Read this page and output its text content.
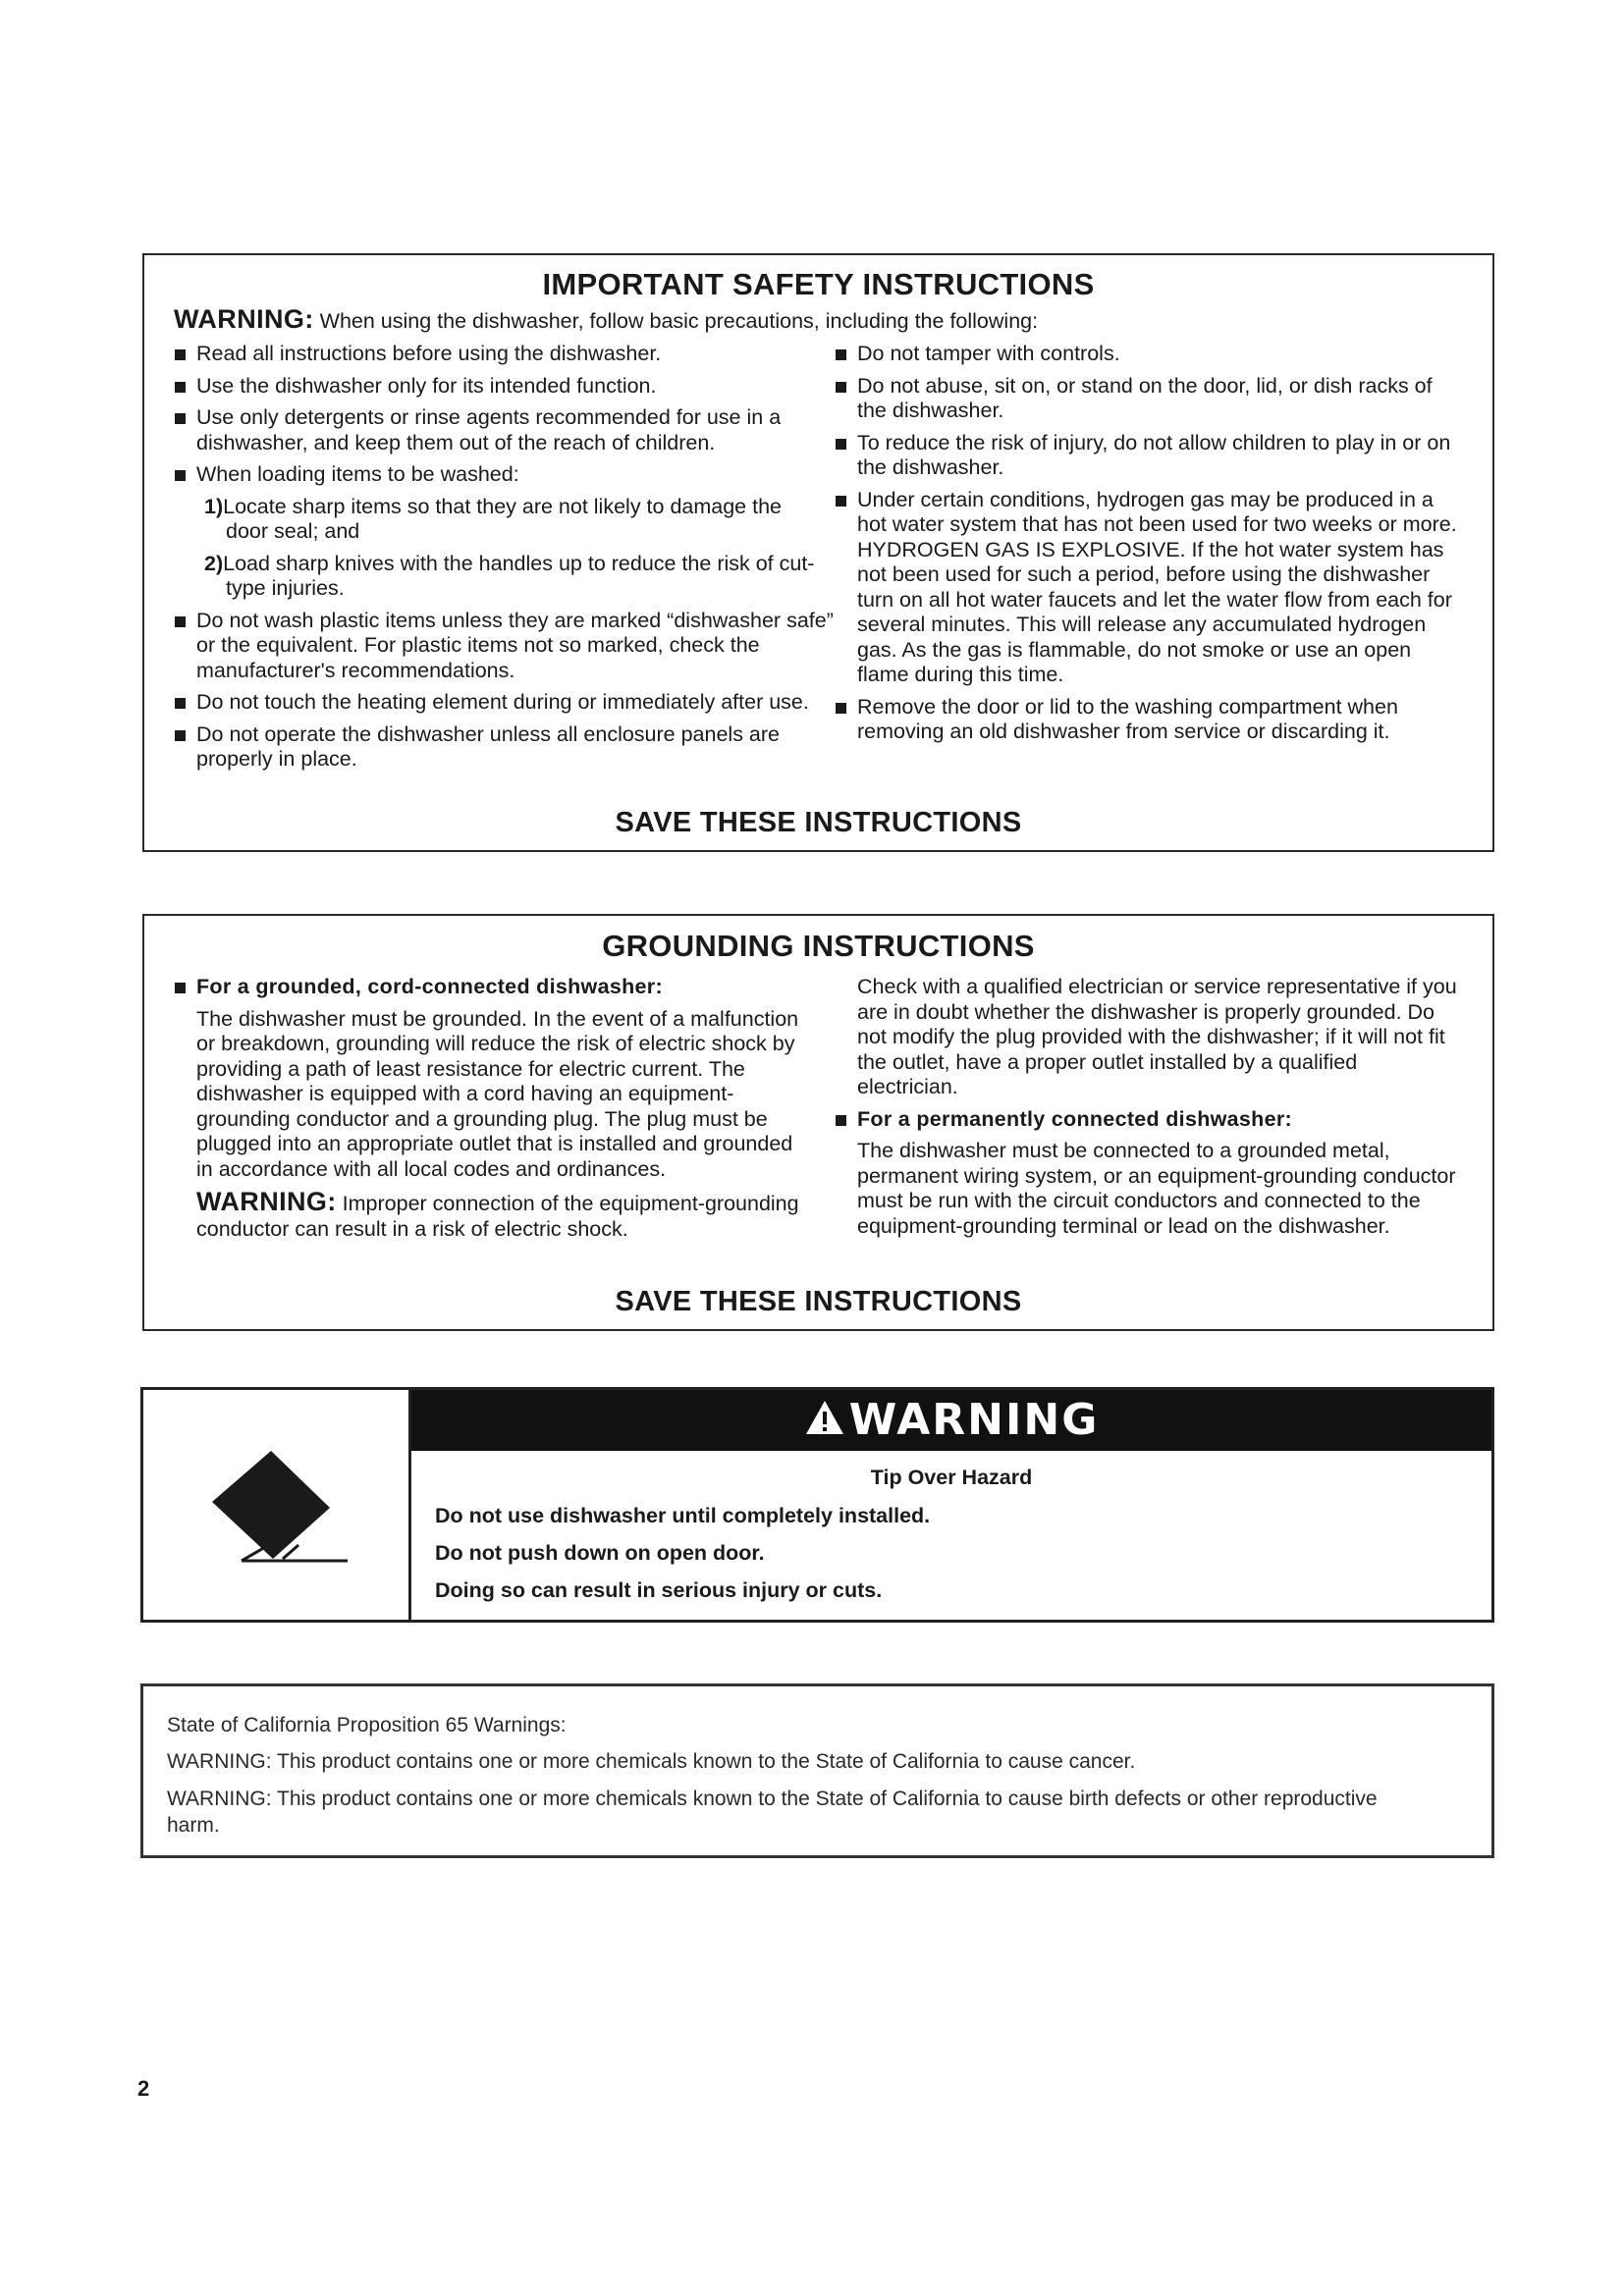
IMPORTANT SAFETY INSTRUCTIONS
WARNING: When using the dishwasher, follow basic precautions, including the following:
Read all instructions before using the dishwasher.
Use the dishwasher only for its intended function.
Use only detergents or rinse agents recommended for use in a dishwasher, and keep them out of the reach of children.
When loading items to be washed:
1)Locate sharp items so that they are not likely to damage the door seal; and
2)Load sharp knives with the handles up to reduce the risk of cut-type injuries.
Do not wash plastic items unless they are marked “dishwasher safe” or the equivalent. For plastic items not so marked, check the manufacturer's recommendations.
Do not touch the heating element during or immediately after use.
Do not operate the dishwasher unless all enclosure panels are properly in place.
Do not tamper with controls.
Do not abuse, sit on, or stand on the door, lid, or dish racks of the dishwasher.
To reduce the risk of injury, do not allow children to play in or on the dishwasher.
Under certain conditions, hydrogen gas may be produced in a hot water system that has not been used for two weeks or more. HYDROGEN GAS IS EXPLOSIVE. If the hot water system has not been used for such a period, before using the dishwasher turn on all hot water faucets and let the water flow from each for several minutes. This will release any accumulated hydrogen gas. As the gas is flammable, do not smoke or use an open flame during this time.
Remove the door or lid to the washing compartment when removing an old dishwasher from service or discarding it.
SAVE THESE INSTRUCTIONS
GROUNDING INSTRUCTIONS
For a grounded, cord-connected dishwasher:
The dishwasher must be grounded. In the event of a malfunction or breakdown, grounding will reduce the risk of electric shock by providing a path of least resistance for electric current. The dishwasher is equipped with a cord having an equipment-grounding conductor and a grounding plug. The plug must be plugged into an appropriate outlet that is installed and grounded in accordance with all local codes and ordinances.
WARNING: Improper connection of the equipment-grounding conductor can result in a risk of electric shock.
Check with a qualified electrician or service representative if you are in doubt whether the dishwasher is properly grounded. Do not modify the plug provided with the dishwasher; if it will not fit the outlet, have a proper outlet installed by a qualified electrician.
For a permanently connected dishwasher:
The dishwasher must be connected to a grounded metal, permanent wiring system, or an equipment-grounding conductor must be run with the circuit conductors and connected to the equipment-grounding terminal or lead on the dishwasher.
SAVE THESE INSTRUCTIONS
WARNING
Tip Over Hazard
Do not use dishwasher until completely installed.
Do not push down on open door.
Doing so can result in serious injury or cuts.
State of California Proposition 65 Warnings:
WARNING: This product contains one or more chemicals known to the State of California to cause cancer.
WARNING: This product contains one or more chemicals known to the State of California to cause birth defects or other reproductive harm.
2
